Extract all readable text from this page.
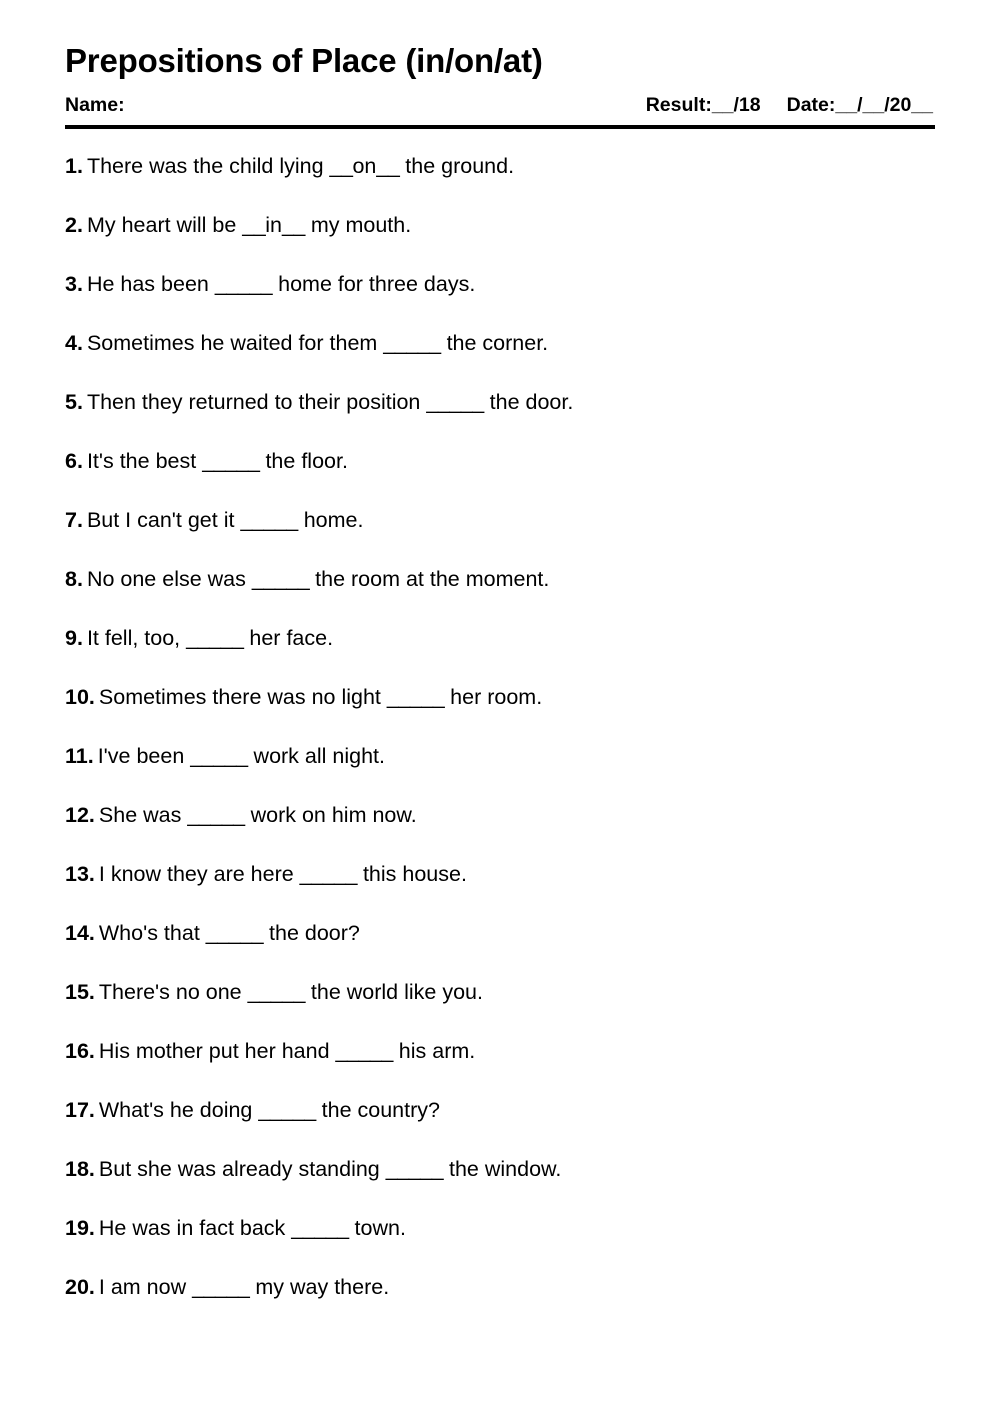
Prepositions of Place (in/on/at)
Name:	Result:__/18 Date:__/__/20__
1. There was the child lying __on__ the ground.
2. My heart will be __in__ my mouth.
3. He has been _____ home for three days.
4. Sometimes he waited for them _____ the corner.
5. Then they returned to their position _____ the door.
6. It's the best _____ the floor.
7. But I can't get it _____ home.
8. No one else was _____ the room at the moment.
9. It fell, too, _____ her face.
10. Sometimes there was no light _____ her room.
11. I've been _____ work all night.
12. She was _____ work on him now.
13. I know they are here _____ this house.
14. Who's that _____ the door?
15. There's no one _____ the world like you.
16. His mother put her hand _____ his arm.
17. What's he doing _____ the country?
18. But she was already standing _____ the window.
19. He was in fact back _____ town.
20. I am now _____ my way there.
